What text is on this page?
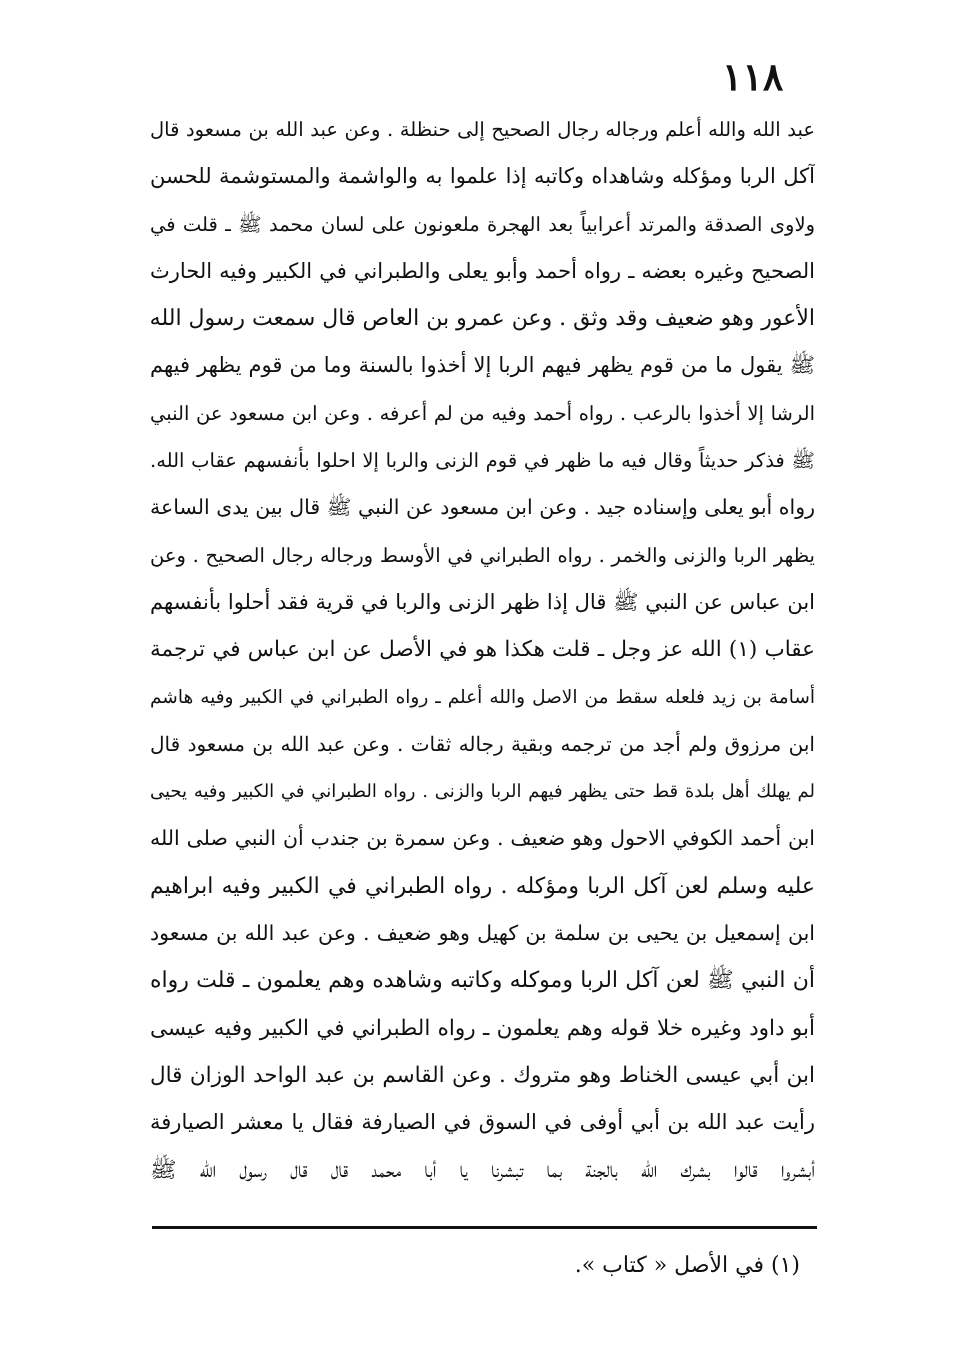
١١٨
عبد الله والله أعلم ورجاله رجال الصحيح إلى حنظلة . وعن عبد الله بن مسعود قال
آكل الربا ومؤكله وشاهداه وكاتبه إذا علموا به والواشمة والمستوشمة للحسن
ولاوى الصدقة والمرتد أعرابياً بعد الهجرة ملعونون على لسان محمد ﷺ ـ قلت في
الصحيح وغيره بعضه ـ رواه أحمد وأبو يعلى والطبراني في الكبير وفيه الحارث
الأعور وهو ضعيف وقد وثق . وعن عمرو بن العاص قال سمعت رسول الله
ﷺ يقول ما من قوم يظهر فيهم الربا إلا أخذوا بالسنة وما من قوم يظهر فيهم
الرشا إلا أخذوا بالرعب . رواه أحمد وفيه من لم أعرفه . وعن ابن مسعود عن النبي
ﷺ فذكر حديثاً وقال فيه ما ظهر في قوم الزنى والربا إلا احلوا بأنفسهم عقاب الله.
رواه أبو يعلى وإسناده جيد . وعن ابن مسعود عن النبي ﷺ قال بين يدى الساعة
يظهر الربا والزنى والخمر . رواه الطبراني في الأوسط ورجاله رجال الصحيح . وعن
ابن عباس عن النبي ﷺ قال إذا ظهر الزنى والربا في قرية فقد أحلوا بأنفسهم
عقاب (١) الله عز وجل ـ قلت هكذا هو في الأصل عن ابن عباس في ترجمة
أسامة بن زيد فلعله سقط من الاصل والله أعلم ـ رواه الطبراني في الكبير وفيه هاشم
ابن مرزوق ولم أجد من ترجمه وبقية رجاله ثقات . وعن عبد الله بن مسعود قال
لم يهلك أهل بلدة قط حتى يظهر فيهم الربا والزنى . رواه الطبراني في الكبير وفيه يحيى
ابن أحمد الكوفي الاحول وهو ضعيف . وعن سمرة بن جندب أن النبي صلى الله
عليه وسلم لعن آكل الربا ومؤكله . رواه الطبراني في الكبير وفيه ابراهيم
ابن إسمعيل بن يحيى بن سلمة بن كهيل وهو ضعيف . وعن عبد الله بن مسعود
أن النبي ﷺ لعن آكل الربا وموكله وكاتبه وشاهده وهم يعلمون ـ قلت رواه
أبو داود وغيره خلا قوله وهم يعلمون ـ رواه الطبراني في الكبير وفيه عيسى
ابن أبي عيسى الخناط وهو متروك . وعن القاسم بن عبد الواحد الوزان قال
رأيت عبد الله بن أبي أوفى في السوق في الصيارفة فقال يا معشر الصيارفة
أبشروا قالوا بشرك الله بالجنة بما تبشرنا يا أبا محمد قال قال رسول الله ﷺ
(١) في الأصل « كتاب ».
